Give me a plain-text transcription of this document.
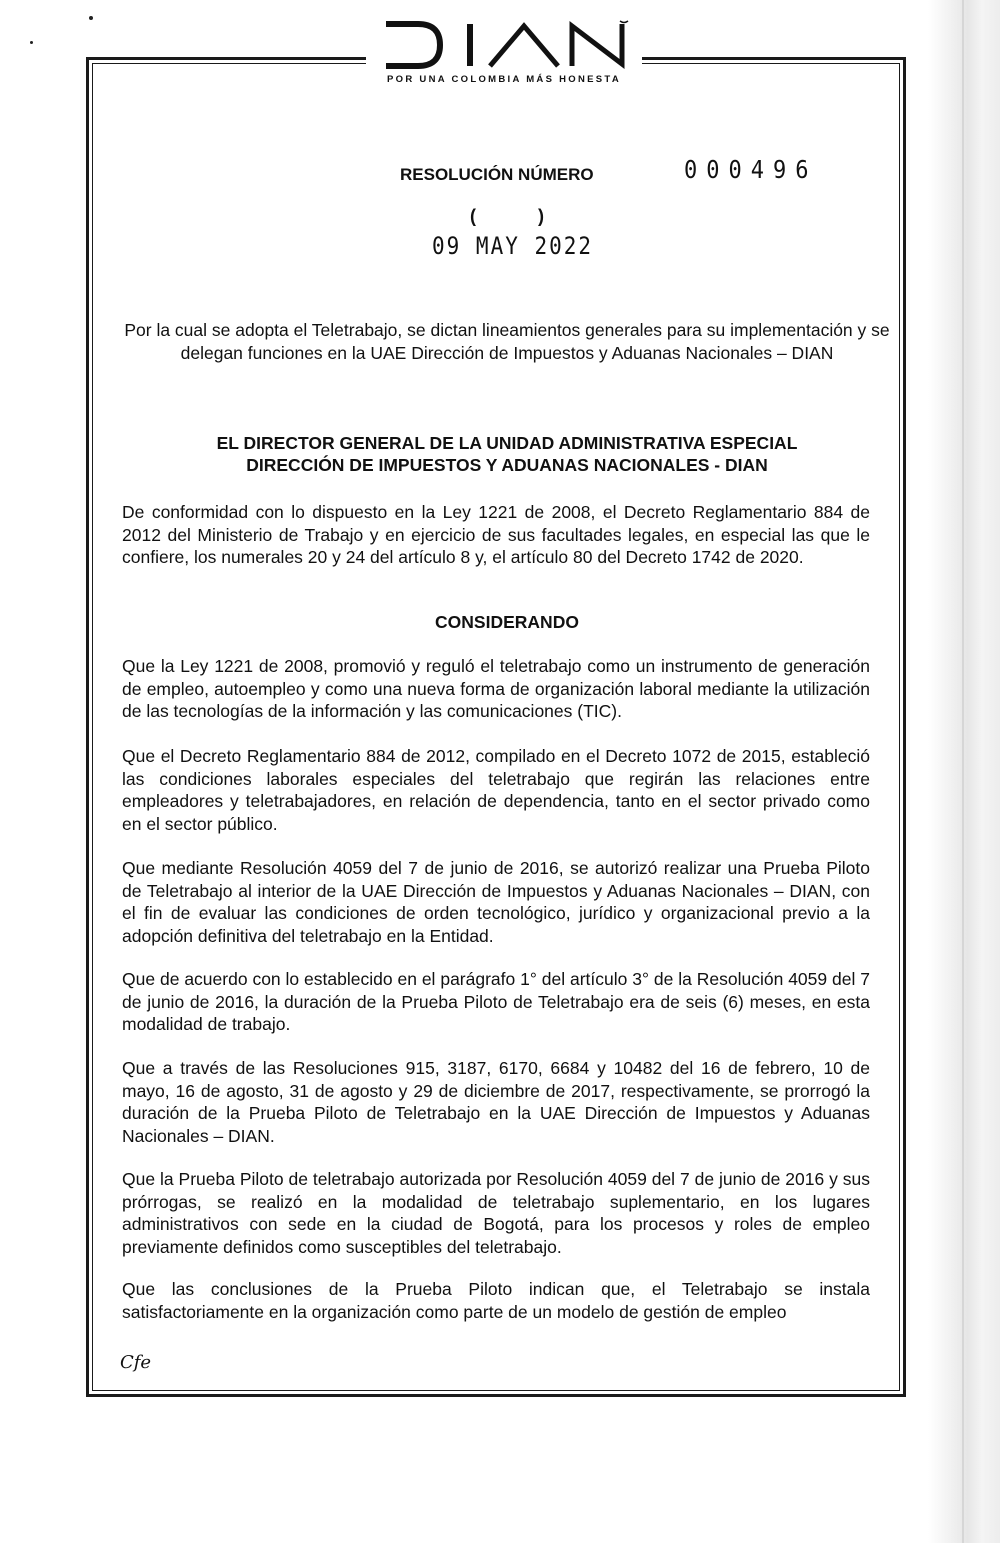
POR UNA COLOMBIA MÁS HONESTA
RESOLUCIÓN NÚMERO	000496
(	)
09 MAY 2022
Por la cual se adopta el Teletrabajo, se dictan lineamientos generales para su implementación y se delegan funciones en la UAE Dirección de Impuestos y Aduanas Nacionales – DIAN
EL DIRECTOR GENERAL DE LA UNIDAD ADMINISTRATIVA ESPECIAL
DIRECCIÓN DE IMPUESTOS Y ADUANAS NACIONALES - DIAN
De conformidad con lo dispuesto en la Ley 1221 de 2008, el Decreto Reglamentario 884 de 2012 del Ministerio de Trabajo y en ejercicio de sus facultades legales, en especial las que le confiere, los numerales 20 y 24 del artículo 8 y, el artículo 80 del Decreto 1742 de 2020.
CONSIDERANDO
Que la Ley 1221 de 2008, promovió y reguló el teletrabajo como un instrumento de generación de empleo, autoempleo y como una nueva forma de organización laboral mediante la utilización de las tecnologías de la información y las comunicaciones (TIC).
Que el Decreto Reglamentario 884 de 2012, compilado en el Decreto 1072 de 2015, estableció las condiciones laborales especiales del teletrabajo que regirán las relaciones entre empleadores y teletrabajadores, en relación de dependencia, tanto en el sector privado como en el sector público.
Que mediante Resolución 4059 del 7 de junio de 2016, se autorizó realizar una Prueba Piloto de Teletrabajo al interior de la UAE Dirección de Impuestos y Aduanas Nacionales – DIAN, con el fin de evaluar las condiciones de orden tecnológico, jurídico y organizacional previo a la adopción definitiva del teletrabajo en la Entidad.
Que de acuerdo con lo establecido en el parágrafo 1° del artículo 3° de la Resolución 4059 del 7 de junio de 2016, la duración de la Prueba Piloto de Teletrabajo era de seis (6) meses, en esta modalidad de trabajo.
Que a través de las Resoluciones 915, 3187, 6170, 6684 y 10482 del 16 de febrero, 10 de mayo, 16 de agosto, 31 de agosto y 29 de diciembre de 2017, respectivamente, se prorrogó la duración de la Prueba Piloto de Teletrabajo en la UAE Dirección de Impuestos y Aduanas Nacionales – DIAN.
Que la Prueba Piloto de teletrabajo autorizada por Resolución 4059 del 7 de junio de 2016 y sus prórrogas, se realizó en la modalidad de teletrabajo suplementario, en los lugares administrativos con sede en la ciudad de Bogotá, para los procesos y roles de empleo previamente definidos como susceptibles del teletrabajo.
Que las conclusiones de la Prueba Piloto indican que, el Teletrabajo se instala satisfactoriamente en la organización como parte de un modelo de gestión de empleo
Cfe
